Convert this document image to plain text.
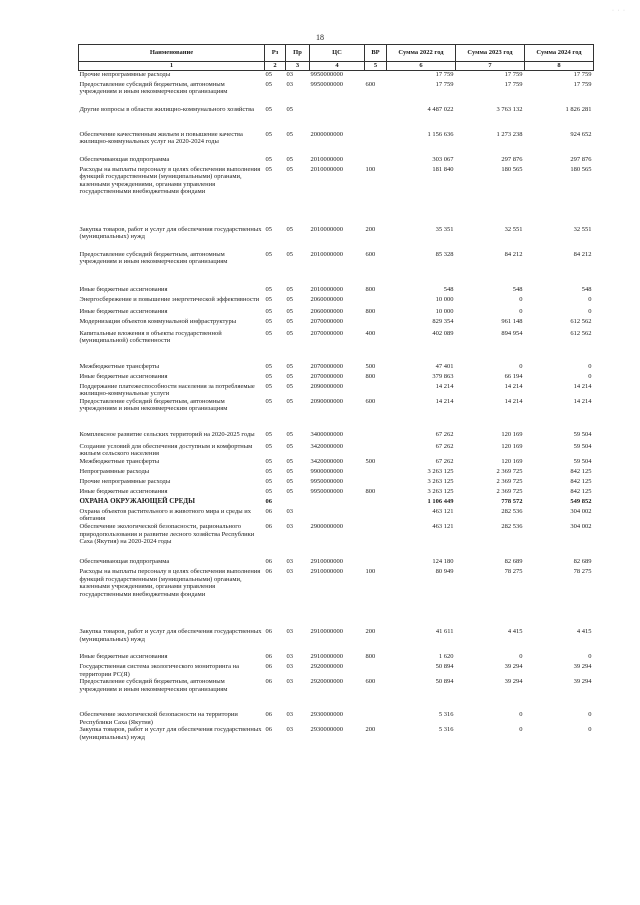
· · ·
18
Наименование	Рз	Пр	ЦС	ВР	Сумма 2022 год	Сумма 2023 год	Сумма 2024 год
1	2	3	4	5	6	7	8
Прочие непрограммные расходы	05	03	9950000000		17 759	17 759	17 759
Предоставление субсидий бюджетным, автономным учреждениям и иным некоммерческим организациям	05	03	9950000000	600	17 759	17 759	17 759
Другие вопросы в области жилищно-коммунального хозяйства	05	05			4 487 022	3 763 132	1 826 281
Обеспечение качественным жильем и повышение качества жилищно-коммунальных услуг на 2020-2024 годы	05	05	2000000000		1 156 636	1 273 238	924 652
Обеспечивающая подпрограмма	05	05	2010000000		303 067	297 876	297 876
Расходы на выплаты персоналу в целях обеспечения выполнения функций государственными (муниципальными) органами, казенными учреждениями, органами управления государственными внебюджетными фондами	05	05	2010000000	100	181 840	180 565	180 565
Закупка товаров, работ и услуг для обеспечения государственных (муниципальных) нужд	05	05	2010000000	200	35 351	32 551	32 551
Предоставление субсидий бюджетным, автономным учреждениям и иным некоммерческим организациям	05	05	2010000000	600	85 328	84 212	84 212
Иные бюджетные ассигнования	05	05	2010000000	800	548	548	548
Энергосбережение и повышение энергетической эффективности	05	05	2060000000		10 000	0	0
Иные бюджетные ассигнования	05	05	2060000000	800	10 000	0	0
Модернизация объектов коммунальной инфраструктуры	05	05	2070000000		829 354	961 148	612 562
Капитальные вложения в объекты государственной (муниципальной) собственности	05	05	2070000000	400	402 089	894 954	612 562
Межбюджетные трансферты	05	05	2070000000	500	47 401	0	0
Иные бюджетные ассигнования	05	05	2070000000	800	379 863	66 194	0
Поддержание платежеспособности населения за потребляемые жилищно-коммунальные услуги	05	05	2090000000		14 214	14 214	14 214
Предоставление субсидий бюджетным, автономным учреждениям и иным некоммерческим организациям	05	05	2090000000	600	14 214	14 214	14 214
Комплексное развитие сельских территорий на 2020-2025 годы	05	05	3400000000		67 262	120 169	59 504
Создание условий для обеспечения доступным и комфортным жильем сельского населения	05	05	3420000000		67 262	120 169	59 504
Межбюджетные трансферты	05	05	3420000000	500	67 262	120 169	59 504
Непрограммные расходы	05	05	9900000000		3 263 125	2 369 725	842 125
Прочие непрограммные расходы	05	05	9950000000		3 263 125	2 369 725	842 125
Иные бюджетные ассигнования	05	05	9950000000	800	3 263 125	2 369 725	842 125
ОХРАНА ОКРУЖАЮЩЕЙ СРЕДЫ	06				1 106 449	778 572	549 852
Охрана объектов растительного и животного мира и среды их обитания	06	03			463 121	282 536	304 002
Обеспечение экологической безопасности, рационального природопользования и развитие лесного хозяйства Республики Саха (Якутия) на 2020-2024 годы	06	03	2900000000		463 121	282 536	304 002
Обеспечивающая подпрограмма	06	03	2910000000		124 180	82 689	82 689
Расходы на выплаты персоналу в целях обеспечения выполнения функций государственными (муниципальными) органами, казенными учреждениями, органами управления государственными внебюджетными фондами	06	03	2910000000	100	80 949	78 275	78 275
Закупка товаров, работ и услуг для обеспечения государственных (муниципальных) нужд	06	03	2910000000	200	41 611	4 415	4 415
Иные бюджетные ассигнования	06	03	2910000000	800	1 620	0	0
Государственная система экологического мониторинга на территории РС(Я)	06	03	2920000000		50 894	39 294	39 294
Предоставление субсидий бюджетным, автономным учреждениям и иным некоммерческим организациям	06	03	2920000000	600	50 894	39 294	39 294
Обеспечение экологической безопасности на территории Республики Саха (Якутия)	06	03	2930000000		5 316	0	0
Закупка товаров, работ и услуг для обеспечения государственных (муниципальных) нужд	06	03	2930000000	200	5 316	0	0
